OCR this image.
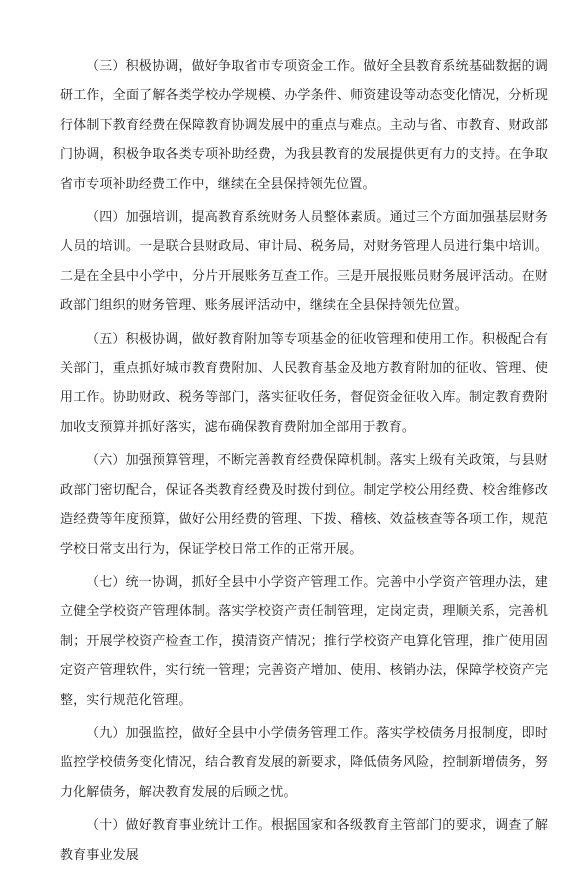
（三）积极协调，做好争取省市专项资金工作。做好全县教育系统基础数据的调研工作，全面了解各类学校办学规模、办学条件、师资建设等动态变化情况，分析现行体制下教育经费在保障教育协调发展中的重点与难点。主动与省、市教育、财政部门协调，积极争取各类专项补助经费，为我县教育的发展提供更有力的支持。在争取省市专项补助经费工作中，继续在全县保持领先位置。

（四）加强培训，提高教育系统财务人员整体素质。通过三个方面加强基层财务人员的培训。一是联合县财政局、审计局、税务局，对财务管理人员进行集中培训。二是在全县中小学中，分片开展账务互查工作。三是开展报账员财务展评活动。在财政部门组织的财务管理、账务展评活动中，继续在全县保持领先位置。

（五）积极协调，做好教育附加等专项基金的征收管理和使用工作。积极配合有关部门，重点抓好城市教育费附加、人民教育基金及地方教育附加的征收、管理、使用工作。协助财政、税务等部门，落实征收任务，督促资金征收入库。制定教育费附加收支预算并抓好落实，滤布确保教育费附加全部用于教育。

（六）加强预算管理，不断完善教育经费保障机制。落实上级有关政策，与县财政部门密切配合，保证各类教育经费及时拨付到位。制定学校公用经费、校舍维修改造经费等年度预算，做好公用经费的管理、下拨、稽核、效益核查等各项工作，规范学校日常支出行为，保证学校日常工作的正常开展。

（七）统一协调，抓好全县中小学资产管理工作。完善中小学资产管理办法，建立健全学校资产管理体制。落实学校资产责任制管理，定岗定责，理顺关系，完善机制；开展学校资产检查工作，摸清资产情况；推行学校资产电算化管理，推广使用固定资产管理软件，实行统一管理；完善资产增加、使用、核销办法，保障学校资产完整，实行规范化管理。

（九）加强监控，做好全县中小学债务管理工作。落实学校债务月报制度，即时监控学校债务变化情况，结合教育发展的新要求，降低债务风险，控制新增债务，努力化解债务，解决教育发展的后顾之忧。

（十）做好教育事业统计工作。根据国家和各级教育主管部门的要求，调查了解教育事业发展
